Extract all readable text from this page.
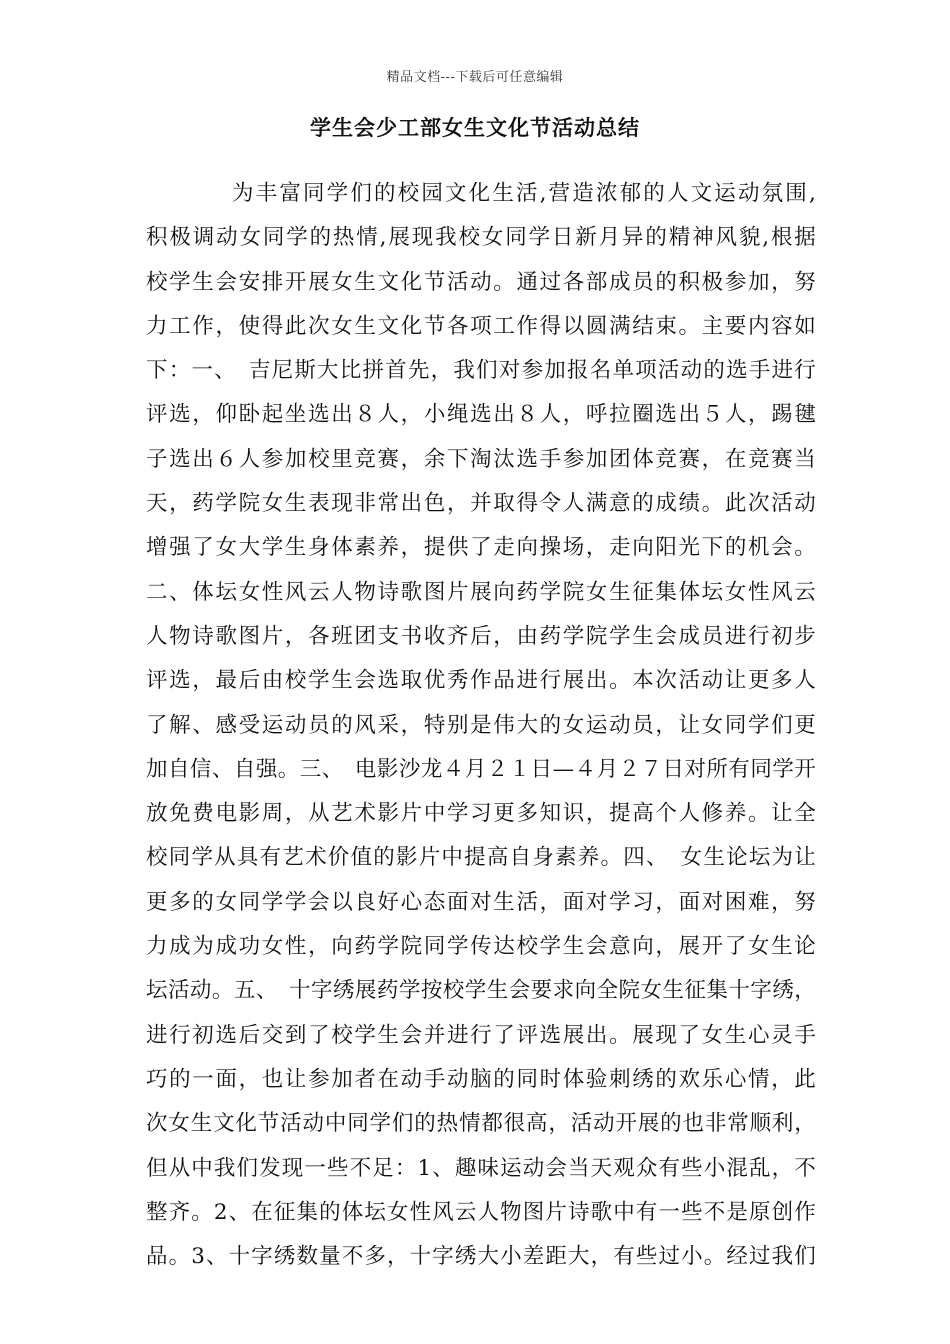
精品文档---下载后可任意编辑
学生会少工部女生文化节活动总结
为丰富同学们的校园文化生活,营造浓郁的人文运动氛围,
积极调动女同学的热情,展现我校女同学日新月异的精神风貌,根据
校学生会安排开展女生文化节活动。通过各部成员的积极参加，努
力工作，使得此次女生文化节各项工作得以圆满结束。主要内容如
下：一、　吉尼斯大比拼首先，我们对参加报名单项活动的选手进行
评选，仰卧起坐选出８人，小绳选出８人，呼拉圈选出５人，踢毽
子选出６人参加校里竞赛，余下淘汰选手参加团体竞赛，在竞赛当
天，药学院女生表现非常出色，并取得令人满意的成绩。此次活动
增强了女大学生身体素养，提供了走向操场，走向阳光下的机会。
二、体坛女性风云人物诗歌图片展向药学院女生征集体坛女性风云
人物诗歌图片，各班团支书收齐后，由药学院学生会成员进行初步
评选，最后由校学生会选取优秀作品进行展出。本次活动让更多人
了解、感受运动员的风采，特别是伟大的女运动员，让女同学们更
加自信、自强。三、　电影沙龙４月２１日—４月２７日对所有同学开
放免费电影周，从艺术影片中学习更多知识，提高个人修养。让全
校同学从具有艺术价值的影片中提高自身素养。四、　女生论坛为让
更多的女同学学会以良好心态面对生活，面对学习，面对困难，努
力成为成功女性，向药学院同学传达校学生会意向，展开了女生论
坛活动。五、　十字绣展药学按校学生会要求向全院女生征集十字绣，
进行初选后交到了校学生会并进行了评选展出。展现了女生心灵手
巧的一面，也让参加者在动手动脑的同时体验刺绣的欢乐心情，此
次女生文化节活动中同学们的热情都很高，活动开展的也非常顺利，
但从中我们发现一些不足：1、趣味运动会当天观众有些小混乱，不
整齐。2、在征集的体坛女性风云人物图片诗歌中有一些不是原创作
品。3、十字绣数量不多，十字绣大小差距大，有些过小。经过我们
